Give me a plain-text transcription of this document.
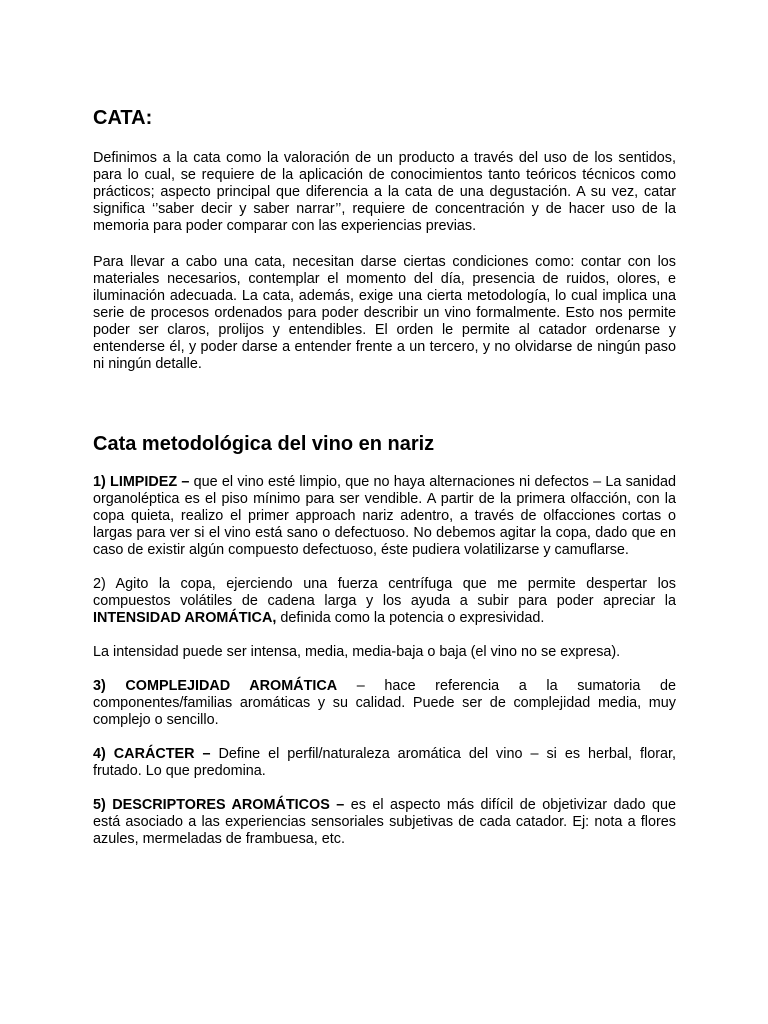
CATA:

Definimos a la cata como la valoración de un producto a través del uso de los sentidos, para lo cual, se requiere de la aplicación de conocimientos tanto teóricos técnicos como prácticos; aspecto principal que diferencia a la cata de una degustación. A su vez, catar significa ‘’saber decir y saber narrar’’, requiere de concentración y de hacer uso de la memoria para poder comparar con las experiencias previas.

Para llevar a cabo una cata, necesitan darse ciertas condiciones como: contar con los materiales necesarios, contemplar el momento del día, presencia de ruidos, olores, e iluminación adecuada. La cata, además, exige una cierta metodología, lo cual implica una serie de procesos ordenados para poder describir un vino formalmente. Esto nos permite poder ser claros, prolijos y entendibles. El orden le permite al catador ordenarse y entenderse él, y poder darse a entender frente a un tercero, y no olvidarse de ningún paso ni ningún detalle.

Cata metodológica del vino en nariz

1) LIMPIDEZ – que el vino esté limpio, que no haya alternaciones ni defectos – La sanidad organoléptica es el piso mínimo para ser vendible. A partir de la primera olfacción, con la copa quieta, realizo el primer approach nariz adentro, a través de olfacciones cortas o largas para ver si el vino está sano o defectuoso. No debemos agitar la copa, dado que en caso de existir algún compuesto defectuoso, éste pudiera volatilizarse y camuflarse.

2) Agito la copa, ejerciendo una fuerza centrífuga que me permite despertar los compuestos volátiles de cadena larga y los ayuda a subir para poder apreciar la INTENSIDAD AROMÁTICA, definida como la potencia o expresividad.

La intensidad puede ser intensa, media, media-baja o baja (el vino no se expresa).

3) COMPLEJIDAD AROMÁTICA – hace referencia a la sumatoria de componentes/familias aromáticas y su calidad. Puede ser de complejidad media, muy complejo o sencillo.

4) CARÁCTER – Define el perfil/naturaleza aromática del vino – si es herbal, florar, frutado. Lo que predomina.

5) DESCRIPTORES AROMÁTICOS – es el aspecto más difícil de objetivizar dado que está asociado a las experiencias sensoriales subjetivas de cada catador. Ej: nota a flores azules, mermeladas de frambuesa, etc.
